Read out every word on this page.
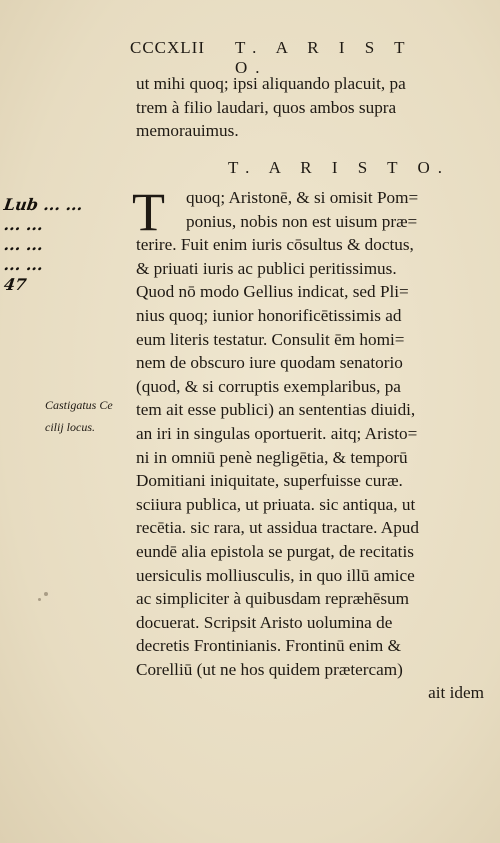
CCCXLII T. A R I S T O.
ut mihi quoq; ipsi aliquando placuit, pa
trem à filio laudari, quos ambos supra
memorauimus.
T. A R I S T O.
T
Lub ... ...
... ...
... ...
... ...
47
quoq; Aristonē, & si omisit Pom=
ponius, nobis non est uisum præ=
terire. Fuit enim iuris cōsultus & doctus,
& priuati iuris ac publici peritissimus.
Quod nō modo Gellius indicat, sed Pli=
nius quoq; iunior honorificētissimis ad
eum literis testatur. Consulit ēm homi=
nem de obscuro iure quodam senatorio
(quod, & si corruptis exemplaribus, pa
tem ait esse publici) an sententias diuidi,
an iri in singulas oportuerit. aitq; Aristo=
ni in omniū penè negligētia, & temporū
Domitiani iniquitate, superfuisse curæ.
sciiura publica, ut priuata. sic antiqua, ut
recētia. sic rara, ut assidua tractare. Apud
eundē alia epistola se purgat, de recitatis
uersiculis molliusculis, in quo illū amice
ac simpliciter à quibusdam repræhēsum
docuerat. Scripsit Aristo uolumina de
decretis Frontinianis. Frontinū enim &
Corelliū (ut ne hos quidem prætercam)
ait idem
Castigatus Ce
cilij locus.
